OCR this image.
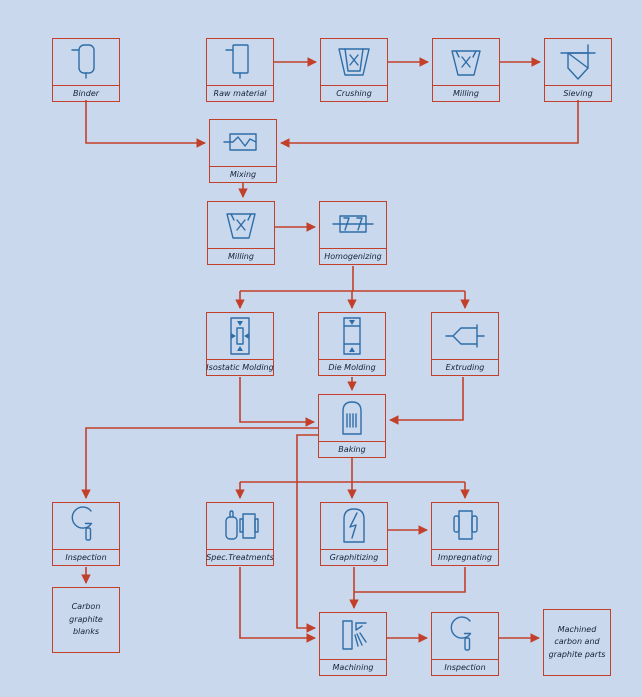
Binder	Raw material	Crushing	Milling	Sieving
Mixing
Milling	Homogenizing
Isostatic Molding	Die Molding	Extruding
Baking
Inspection	Spec.Treatments	Graphitizing	Impregnating
Carbon graphite blanks
Machining	Inspection
Machined carbon and graphite parts
